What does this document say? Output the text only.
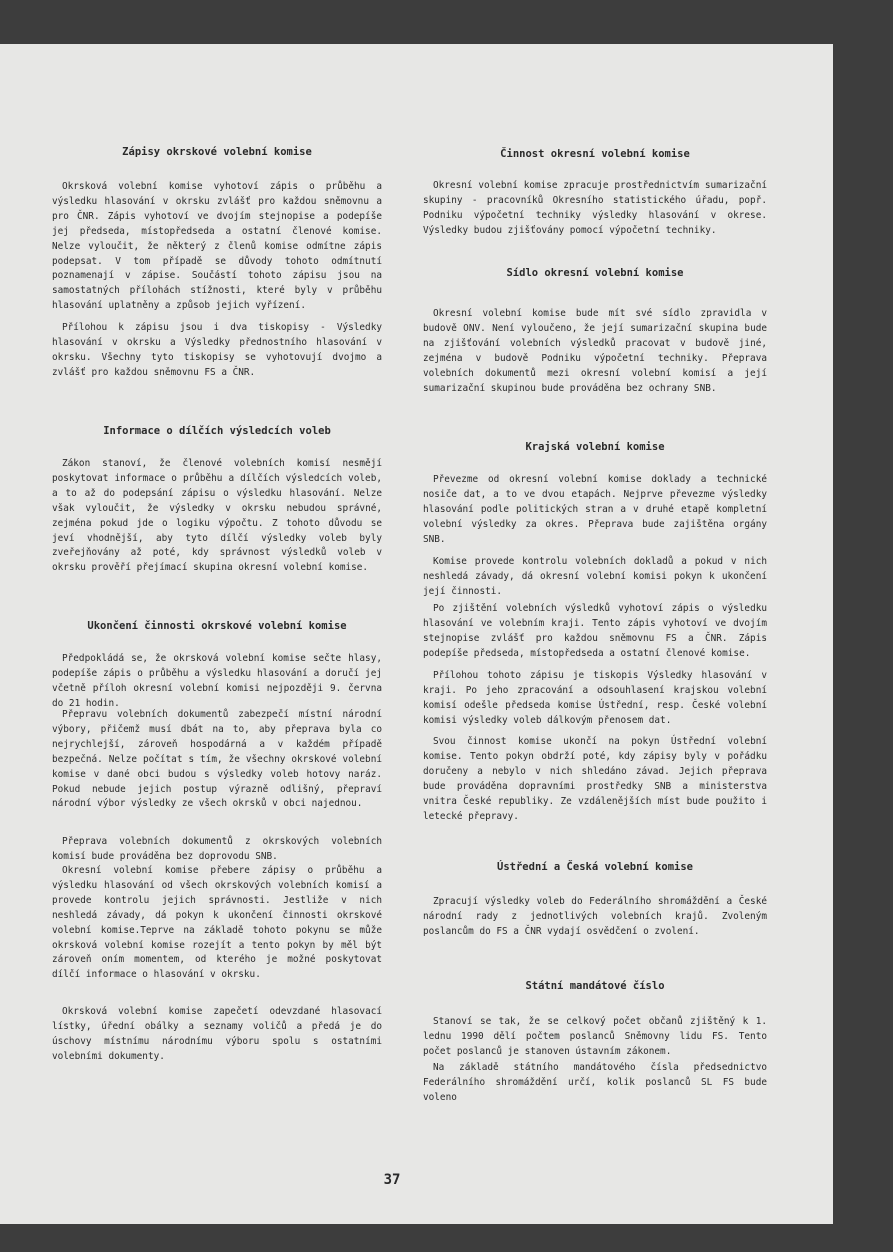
Zápisy okrskové volební komise

Okrsková volební komise vyhotoví zápis o průběhu a výsledku hlasování v okrsku zvlášť pro každou sněmovnu a pro ČNR. Zápis vyhotoví ve dvojím stejnopise a podepíše jej předseda, místopředseda a ostatní členové komise. Nelze vyloučit, že některý z členů komise odmítne zápis podepsat. V tom případě se důvody tohoto odmítnutí poznamenají v zápise. Součástí tohoto zápisu jsou na samostatných přílohách stížnosti, které byly v průběhu hlasování uplatněny a způsob jejich vyřízení.

Přílohou k zápisu jsou i dva tiskopisy - Výsledky hlasování v okrsku a Výsledky přednostního hlasování v okrsku. Všechny tyto tiskopisy se vyhotovují dvojmo a zvlášť pro každou sněmovnu FS a ČNR.

Informace o dílčích výsledcích voleb

Zákon stanoví, že členové volebních komisí nesmějí poskytovat informace o průběhu a dílčích výsledcích voleb, a to až do podepsání zápisu o výsledku hlasování. Nelze však vyloučit, že výsledky v okrsku nebudou správné, zejména pokud jde o logiku výpočtu. Z tohoto důvodu se jeví vhodnější, aby tyto dílčí výsledky voleb byly zveřejňovány až poté, kdy správnost výsledků voleb v okrsku prověří přejímací skupina okresní volební komise.

Ukončení činnosti okrskové volební komise

Předpokládá se, že okrsková volební komise sečte hlasy, podepíše zápis o průběhu a výsledku hlasování a doručí jej včetně příloh okresní volební komisi nejpozději 9. června do 21 hodin.

Přepravu volebních dokumentů zabezpečí místní národní výbory, přičemž musí dbát na to, aby přeprava byla co nejrychlejší, zároveň hospodárná a v každém případě bezpečná. Nelze počítat s tím, že všechny okrskové volební komise v dané obci budou s výsledky voleb hotovy naráz. Pokud nebude jejich postup výrazně odlišný, přepraví národní výbor výsledky ze všech okrsků v obci najednou.

Přeprava volebních dokumentů z okrskových volebních komisí bude prováděna bez doprovodu SNB.

Okresní volební komise přebere zápisy o průběhu a výsledku hlasování od všech okrskových volebních komisí a provede kontrolu jejich správnosti. Jestliže v nich neshledá závady, dá pokyn k ukončení činnosti okrskové volební komise.Teprve na základě tohoto pokynu se může okrsková volební komise rozejít a tento pokyn by měl být zároveň oním momentem, od kterého je možné poskytovat dílčí informace o hlasování v okrsku.

Okrsková volební komise zapečetí odevzdané hlasovací lístky, úřední obálky a seznamy voličů a předá je do úschovy místnímu národnímu výboru spolu s ostatními volebními dokumenty.

Činnost okresní volební komise

Okresní volební komise zpracuje prostřednictvím sumarizační skupiny - pracovníků Okresního statistického úřadu, popř. Podniku výpočetní techniky výsledky hlasování v okrese. Výsledky budou zjišťovány pomocí výpočetní techniky.

Sídlo okresní volební komise

Okresní volební komise bude mít své sídlo zpravidla v budově ONV. Není vyloučeno, že její sumarizační skupina bude na zjišťování volebních výsledků pracovat v budově jiné, zejména v budově Podniku výpočetní techniky. Přeprava volebních dokumentů mezi okresní volební komisí a její sumarizační skupinou bude prováděna bez ochrany SNB.

Krajská volební komise

Převezme od okresní volební komise doklady a technické nosiče dat, a to ve dvou etapách. Nejprve převezme výsledky hlasování podle politických stran a v druhé etapě kompletní volební výsledky za okres. Přeprava bude zajištěna orgány SNB.

Komise provede kontrolu volebních dokladů a pokud v nich neshledá závady, dá okresní volební komisi pokyn k ukončení její činnosti.

Po zjištění volebních výsledků vyhotoví zápis o výsledku hlasování ve volebním kraji. Tento zápis vyhotoví ve dvojím stejnopise zvlášť pro každou sněmovnu FS a ČNR. Zápis podepíše předseda, místopředseda a ostatní členové komise.

Přílohou tohoto zápisu je tiskopis Výsledky hlasování v kraji. Po jeho zpracování a odsouhlasení krajskou volební komisí odešle předseda komise Ústřední, resp. České volební komisi výsledky voleb dálkovým přenosem dat.

Svou činnost komise ukončí na pokyn Ústřední volební komise. Tento pokyn obdrží poté, kdy zápisy byly v pořádku doručeny a nebylo v nich shledáno závad. Jejich přeprava bude prováděna dopravními prostředky SNB a ministerstva vnitra České republiky. Ze vzdálenějších míst bude použito i letecké přepravy.

Ústřední a Česká volební komise

Zpracují výsledky voleb do Federálního shromáždění a České národní rady z jednotlivých volebních krajů. Zvoleným poslancům do FS a ČNR vydají osvědčení o zvolení.

Státní mandátové číslo

Stanoví se tak, že se celkový počet občanů zjištěný k 1. lednu 1990 dělí počtem poslanců Sněmovny lidu FS. Tento počet poslanců je stanoven ústavním zákonem.

Na základě státního mandátového čísla předsednictvo Federálního shromáždění určí, kolik poslanců SL FS bude voleno

37
